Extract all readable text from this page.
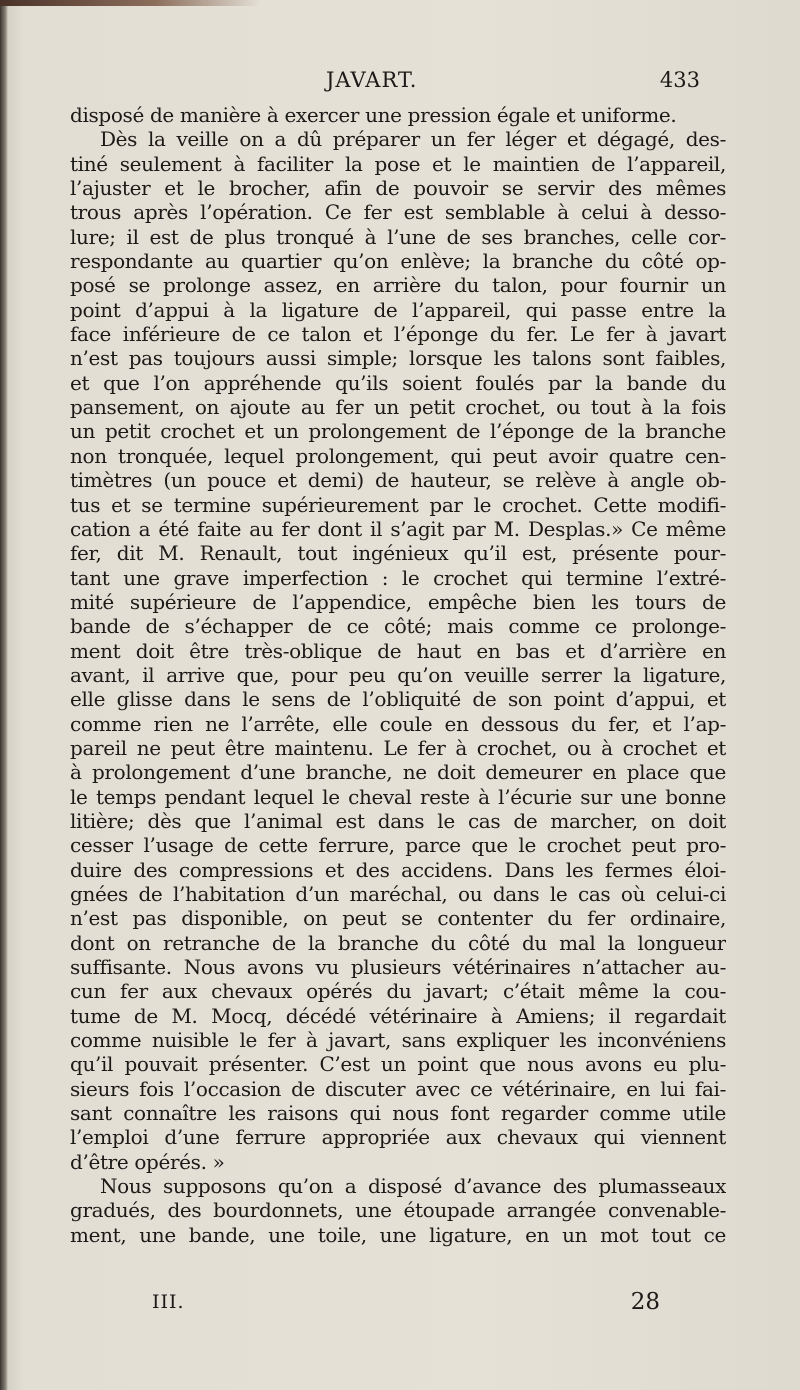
JAVART.	433
disposé de manière à exercer une pression égale et uniforme.
Dès la veille on a dû préparer un fer léger et dégagé, des-
tiné seulement à faciliter la pose et le maintien de l’appareil,
l’ajuster et le brocher, afin de pouvoir se servir des mêmes
trous après l’opération. Ce fer est semblable à celui à desso-
lure; il est de plus tronqué à l’une de ses branches, celle cor-
respondante au quartier qu’on enlève; la branche du côté op-
posé se prolonge assez, en arrière du talon, pour fournir un
point d’appui à la ligature de l’appareil, qui passe entre la
face inférieure de ce talon et l’éponge du fer. Le fer à javart
n’est pas toujours aussi simple; lorsque les talons sont faibles,
et que l’on appréhende qu’ils soient foulés par la bande du
pansement, on ajoute au fer un petit crochet, ou tout à la fois
un petit crochet et un prolongement de l’éponge de la branche
non tronquée, lequel prolongement, qui peut avoir quatre cen-
timètres (un pouce et demi) de hauteur, se relève à angle ob-
tus et se termine supérieurement par le crochet. Cette modifi-
cation a été faite au fer dont il s’agit par M. Desplas.» Ce même
fer, dit M. Renault, tout ingénieux qu’il est, présente pour-
tant une grave imperfection : le crochet qui termine l’extré-
mité supérieure de l’appendice, empêche bien les tours de
bande de s’échapper de ce côté; mais comme ce prolonge-
ment doit être très-oblique de haut en bas et d’arrière en
avant, il arrive que, pour peu qu’on veuille serrer la ligature,
elle glisse dans le sens de l’obliquité de son point d’appui, et
comme rien ne l’arrête, elle coule en dessous du fer, et l’ap-
pareil ne peut être maintenu. Le fer à crochet, ou à crochet et
à prolongement d’une branche, ne doit demeurer en place que
le temps pendant lequel le cheval reste à l’écurie sur une bonne
litière; dès que l’animal est dans le cas de marcher, on doit
cesser l’usage de cette ferrure, parce que le crochet peut pro-
duire des compressions et des accidens. Dans les fermes éloi-
gnées de l’habitation d’un maréchal, ou dans le cas où celui-ci
n’est pas disponible, on peut se contenter du fer ordinaire,
dont on retranche de la branche du côté du mal la longueur
suffisante. Nous avons vu plusieurs vétérinaires n’attacher au-
cun fer aux chevaux opérés du javart; c’était même la cou-
tume de M. Mocq, décédé vétérinaire à Amiens; il regardait
comme nuisible le fer à javart, sans expliquer les inconvéniens
qu’il pouvait présenter. C’est un point que nous avons eu plu-
sieurs fois l’occasion de discuter avec ce vétérinaire, en lui fai-
sant connaître les raisons qui nous font regarder comme utile
l’emploi d’une ferrure appropriée aux chevaux qui viennent
d’être opérés. »
Nous supposons qu’on a disposé d’avance des plumasseaux
gradués, des bourdonnets, une étoupade arrangée convenable-
ment, une bande, une toile, une ligature, en un mot tout ce
III.	28
